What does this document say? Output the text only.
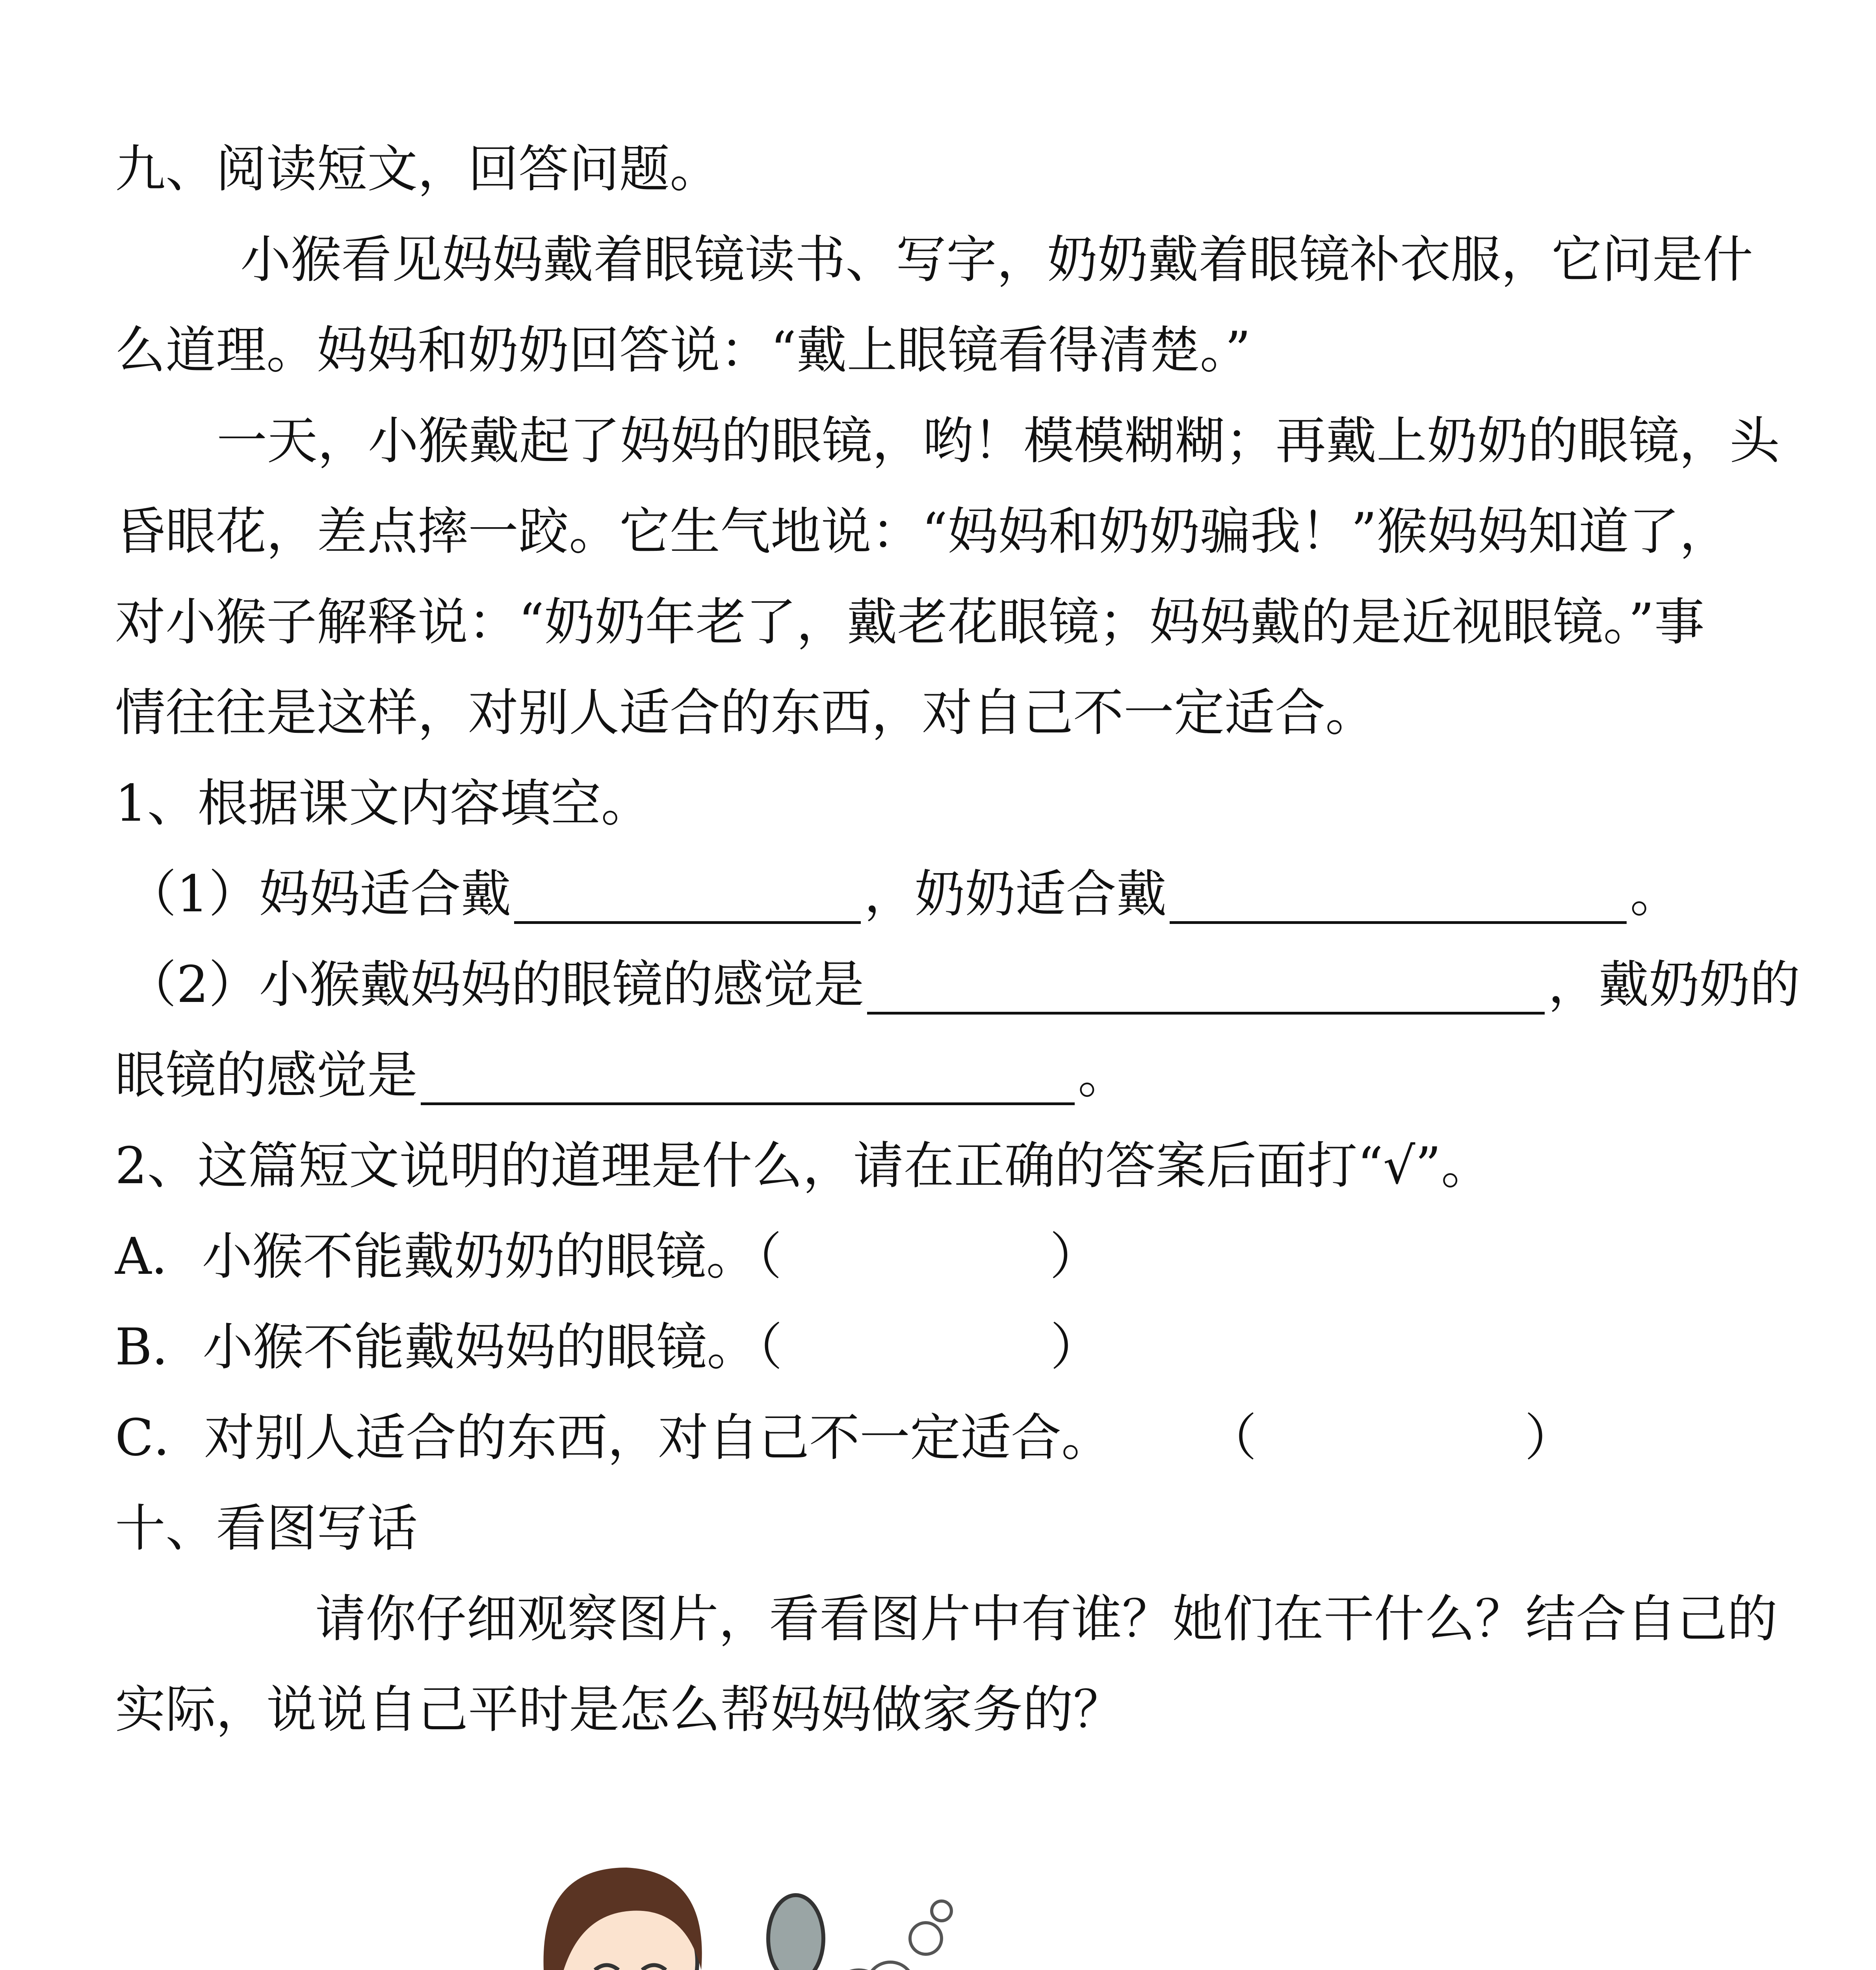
九、阅读短文，回答问题。
小猴看见妈妈戴着眼镜读书、写字，奶奶戴着眼镜补衣服，它问是什
么道理。妈妈和奶奶回答说：“戴上眼镜看得清楚。”
一天，小猴戴起了妈妈的眼镜，哟！模模糊糊；再戴上奶奶的眼镜，头
昏眼花，差点摔一跤。它生气地说：“妈妈和奶奶骗我！”猴妈妈知道了，
对小猴子解释说：“奶奶年老了，戴老花眼镜；妈妈戴的是近视眼镜。”事
情往往是这样，对别人适合的东西，对自己不一定适合。
1、根据课文内容填空。
（1）妈妈适合戴	，奶奶适合戴	。
（2）小猴戴妈妈的眼镜的感觉是	，戴奶奶的
眼镜的感觉是	。
2、这篇短文说明的道理是什么，请在正确的答案后面打“√”。
A．小猴不能戴奶奶的眼镜。（	）
B．小猴不能戴妈妈的眼镜。（	）
C．对别人适合的东西，对自己不一定适合。 （	）
十、看图写话
请你仔细观察图片，看看图片中有谁？她们在干什么？结合自己的
实际，说说自己平时是怎么帮妈妈做家务的？
